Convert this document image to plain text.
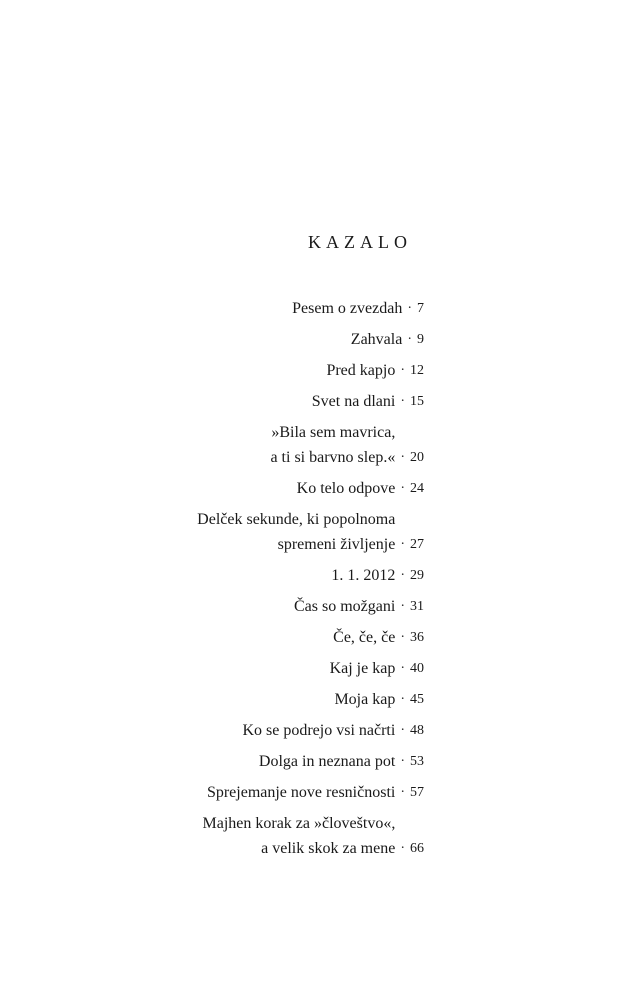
KAZALO
Pesem o zvezdah · 7
Zahvala · 9
Pred kapjo · 12
Svet na dlani · 15
»Bila sem mavrica,
a ti si barvno slep.« · 20
Ko telo odpove · 24
Delček sekunde, ki popolnoma
spremeni življenje · 27
1. 1. 2012 · 29
Čas so možgani · 31
Če, če, če · 36
Kaj je kap · 40
Moja kap · 45
Ko se podrejo vsi načrti · 48
Dolga in neznana pot · 53
Sprejemanje nove resničnosti · 57
Majhen korak za »človeštvo«,
a velik skok za mene · 66
